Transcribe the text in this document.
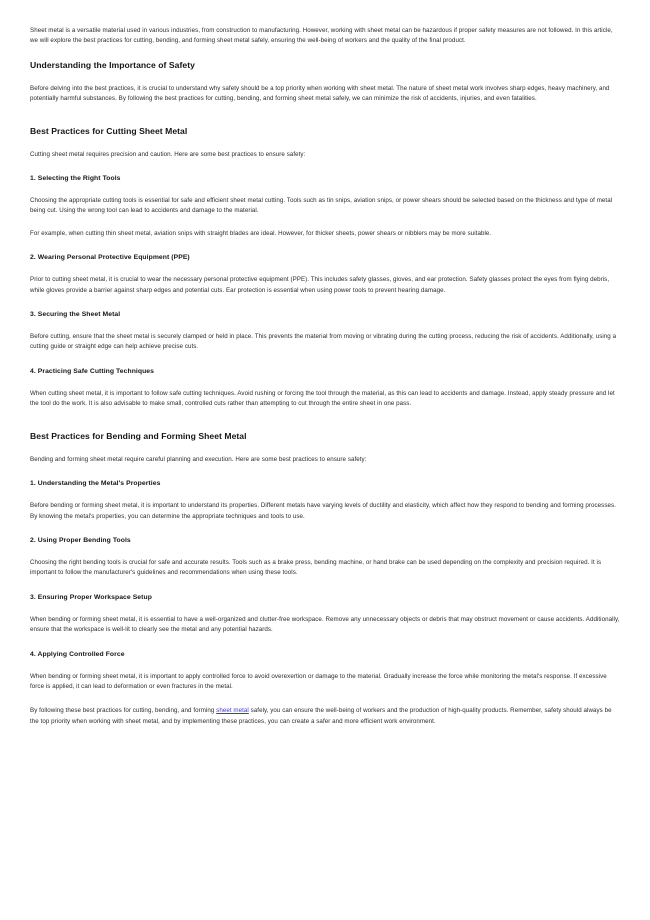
Sheet metal is a versatile material used in various industries, from construction to manufacturing. However, working with sheet metal can be hazardous if proper safety measures are not followed. In this article, we will explore the best practices for cutting, bending, and forming sheet metal safely, ensuring the well-being of workers and the quality of the final product.

Understanding the Importance of Safety

Before delving into the best practices, it is crucial to understand why safety should be a top priority when working with sheet metal. The nature of sheet metal work involves sharp edges, heavy machinery, and potentially harmful substances. By following the best practices for cutting, bending, and forming sheet metal safely, we can minimize the risk of accidents, injuries, and even fatalities.

Best Practices for Cutting Sheet Metal

Cutting sheet metal requires precision and caution. Here are some best practices to ensure safety:

1. Selecting the Right Tools

Choosing the appropriate cutting tools is essential for safe and efficient sheet metal cutting. Tools such as tin snips, aviation snips, or power shears should be selected based on the thickness and type of metal being cut. Using the wrong tool can lead to accidents and damage to the material.

For example, when cutting thin sheet metal, aviation snips with straight blades are ideal. However, for thicker sheets, power shears or nibblers may be more suitable.

2. Wearing Personal Protective Equipment (PPE)

Prior to cutting sheet metal, it is crucial to wear the necessary personal protective equipment (PPE). This includes safety glasses, gloves, and ear protection. Safety glasses protect the eyes from flying debris, while gloves provide a barrier against sharp edges and potential cuts. Ear protection is essential when using power tools to prevent hearing damage.

3. Securing the Sheet Metal

Before cutting, ensure that the sheet metal is securely clamped or held in place. This prevents the material from moving or vibrating during the cutting process, reducing the risk of accidents. Additionally, using a cutting guide or straight edge can help achieve precise cuts.

4. Practicing Safe Cutting Techniques

When cutting sheet metal, it is important to follow safe cutting techniques. Avoid rushing or forcing the tool through the material, as this can lead to accidents and damage. Instead, apply steady pressure and let the tool do the work. It is also advisable to make small, controlled cuts rather than attempting to cut through the entire sheet in one pass.

Best Practices for Bending and Forming Sheet Metal

Bending and forming sheet metal require careful planning and execution. Here are some best practices to ensure safety:

1. Understanding the Metal's Properties

Before bending or forming sheet metal, it is important to understand its properties. Different metals have varying levels of ductility and elasticity, which affect how they respond to bending and forming processes. By knowing the metal's properties, you can determine the appropriate techniques and tools to use.

2. Using Proper Bending Tools

Choosing the right bending tools is crucial for safe and accurate results. Tools such as a brake press, bending machine, or hand brake can be used depending on the complexity and precision required. It is important to follow the manufacturer's guidelines and recommendations when using these tools.

3. Ensuring Proper Workspace Setup

When bending or forming sheet metal, it is essential to have a well-organized and clutter-free workspace. Remove any unnecessary objects or debris that may obstruct movement or cause accidents. Additionally, ensure that the workspace is well-lit to clearly see the metal and any potential hazards.

4. Applying Controlled Force

When bending or forming sheet metal, it is important to apply controlled force to avoid overexertion or damage to the material. Gradually increase the force while monitoring the metal's response. If excessive force is applied, it can lead to deformation or even fractures in the metal.

By following these best practices for cutting, bending, and forming sheet metal safely, you can ensure the well-being of workers and the production of high-quality products. Remember, safety should always be the top priority when working with sheet metal, and by implementing these practices, you can create a safer and more efficient work environment.
